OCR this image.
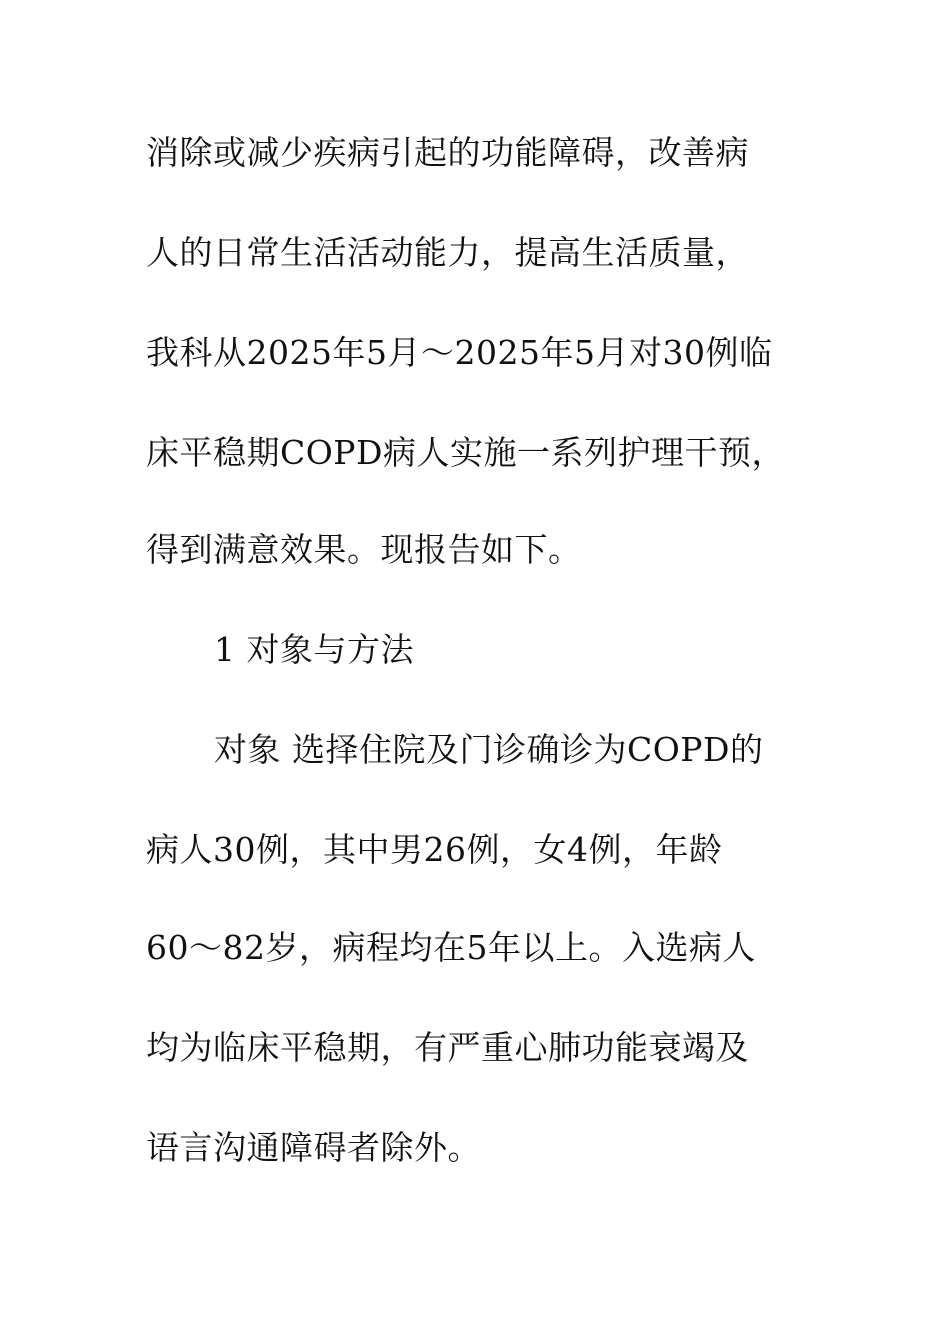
消除或减少疾病引起的功能障碍，改善病
人的日常生活活动能力，提高生活质量，
我科从2025年5月～2025年5月对30例临
床平稳期COPD病人实施一系列护理干预，
得到满意效果。现报告如下。
1 对象与方法
对象 选择住院及门诊确诊为COPD的
病人30例，其中男26例，女4例，年龄
60～82岁，病程均在5年以上。入选病人
均为临床平稳期，有严重心肺功能衰竭及
语言沟通障碍者除外。
